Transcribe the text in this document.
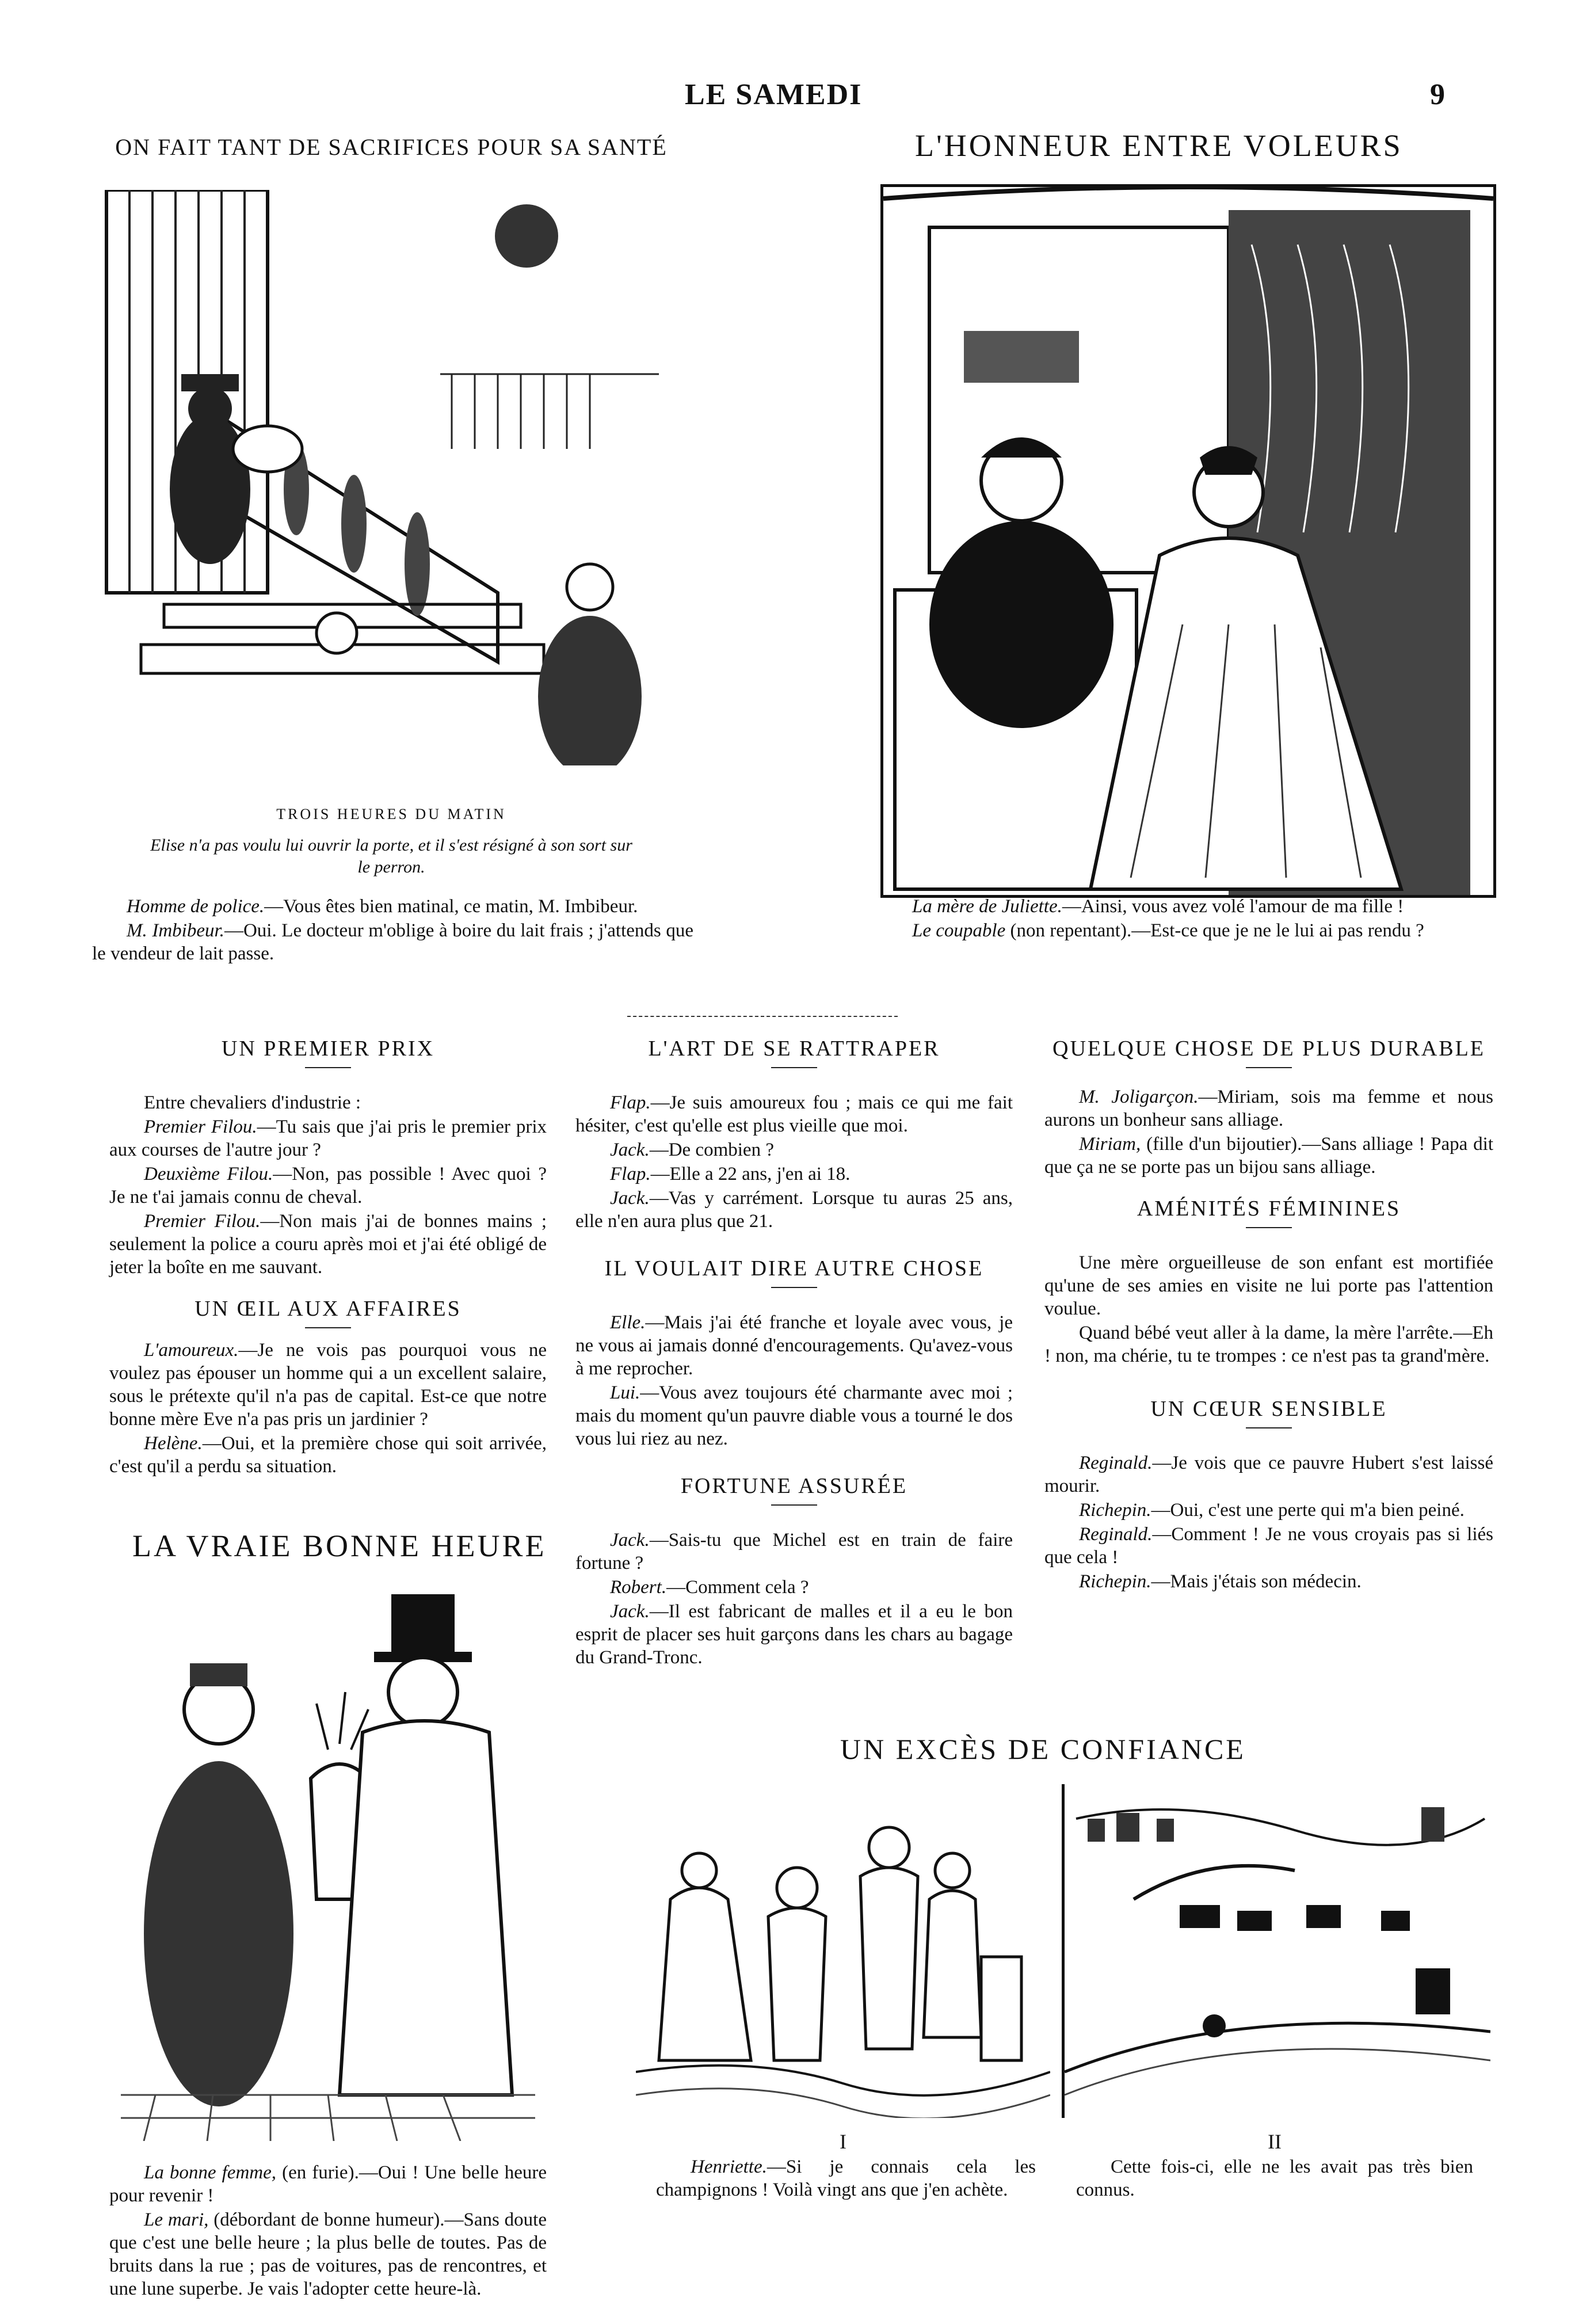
LE SAMEDI	9
ON FAIT TANT DE SACRIFICES POUR SA SANTÉ
TROIS HEURES DU MATIN
Elise n'a pas voulu lui ouvrir la porte, et il s'est résigné à son sort sur le perron.

Homme de police.—Vous êtes bien matinal, ce matin, M. Imbibeur.

M. Imbibeur.—Oui. Le docteur m'oblige à boire du lait frais ; j'attends que le vendeur de lait passe.

L'HONNEUR ENTRE VOLEURS

La mère de Juliette.—Ainsi, vous avez volé l'amour de ma fille !

Le coupable (non repentant).—Est-ce que je ne le lui ai pas rendu ?

UN PREMIER PRIX

Entre chevaliers d'industrie :

Premier Filou.—Tu sais que j'ai pris le premier prix aux courses de l'autre jour ?

Deuxième Filou.—Non, pas possible ! Avec quoi ? Je ne t'ai jamais connu de cheval.

Premier Filou.—Non mais j'ai de bonnes mains ; seulement la police a couru après moi et j'ai été obligé de jeter la boîte en me sauvant.

UN ŒIL AUX AFFAIRES

L'amoureux.—Je ne vois pas pourquoi vous ne voulez pas épouser un homme qui a un excellent salaire, sous le prétexte qu'il n'a pas de capital. Est-ce que notre bonne mère Eve n'a pas pris un jardinier ?

Helène.—Oui, et la première chose qui soit arrivée, c'est qu'il a perdu sa situation.

LA VRAIE BONNE HEURE

La bonne femme, (en furie).—Oui ! Une belle heure pour revenir !

Le mari, (débordant de bonne humeur).—Sans doute que c'est une belle heure ; la plus belle de toutes. Pas de bruits dans la rue ; pas de voitures, pas de rencontres, et une lune superbe. Je vais l'adopter cette heure-là.

L'ART DE SE RATTRAPER

Flap.—Je suis amoureux fou ; mais ce qui me fait hésiter, c'est qu'elle est plus vieille que moi.

Jack.—De combien ?

Flap.—Elle a 22 ans, j'en ai 18.

Jack.—Vas y carrément. Lorsque tu auras 25 ans, elle n'en aura plus que 21.

IL VOULAIT DIRE AUTRE CHOSE

Elle.—Mais j'ai été franche et loyale avec vous, je ne vous ai jamais donné d'encouragements. Qu'avez-vous à me reprocher.

Lui.—Vous avez toujours été charmante avec moi ; mais du moment qu'un pauvre diable vous a tourné le dos vous lui riez au nez.

FORTUNE ASSURÉE

Jack.—Sais-tu que Michel est en train de faire fortune ?

Robert.—Comment cela ?

Jack.—Il est fabricant de malles et il a eu le bon esprit de placer ses huit garçons dans les chars au bagage du Grand-Tronc.

QUELQUE CHOSE DE PLUS DURABLE

M. Joligarçon.—Miriam, sois ma femme et nous aurons un bonheur sans alliage.

Miriam, (fille d'un bijoutier).—Sans alliage ! Papa dit que ça ne se porte pas un bijou sans alliage.

AMÉNITÉS FÉMININES

Une mère orgueilleuse de son enfant est mortifiée qu'une de ses amies en visite ne lui porte pas l'attention voulue.

Quand bébé veut aller à la dame, la mère l'arrête.—Eh ! non, ma chérie, tu te trompes : ce n'est pas ta grand'mère.

UN CŒUR SENSIBLE

Reginald.—Je vois que ce pauvre Hubert s'est laissé mourir.

Richepin.—Oui, c'est une perte qui m'a bien peiné.

Reginald.—Comment ! Je ne vous croyais pas si liés que cela !

Richepin.—Mais j'étais son médecin.

UN EXCÈS DE CONFIANCE
I	II

Henriette.—Si je connais cela les champignons ! Voilà vingt ans que j'en achète.

Cette fois-ci, elle ne les avait pas très bien connus.
